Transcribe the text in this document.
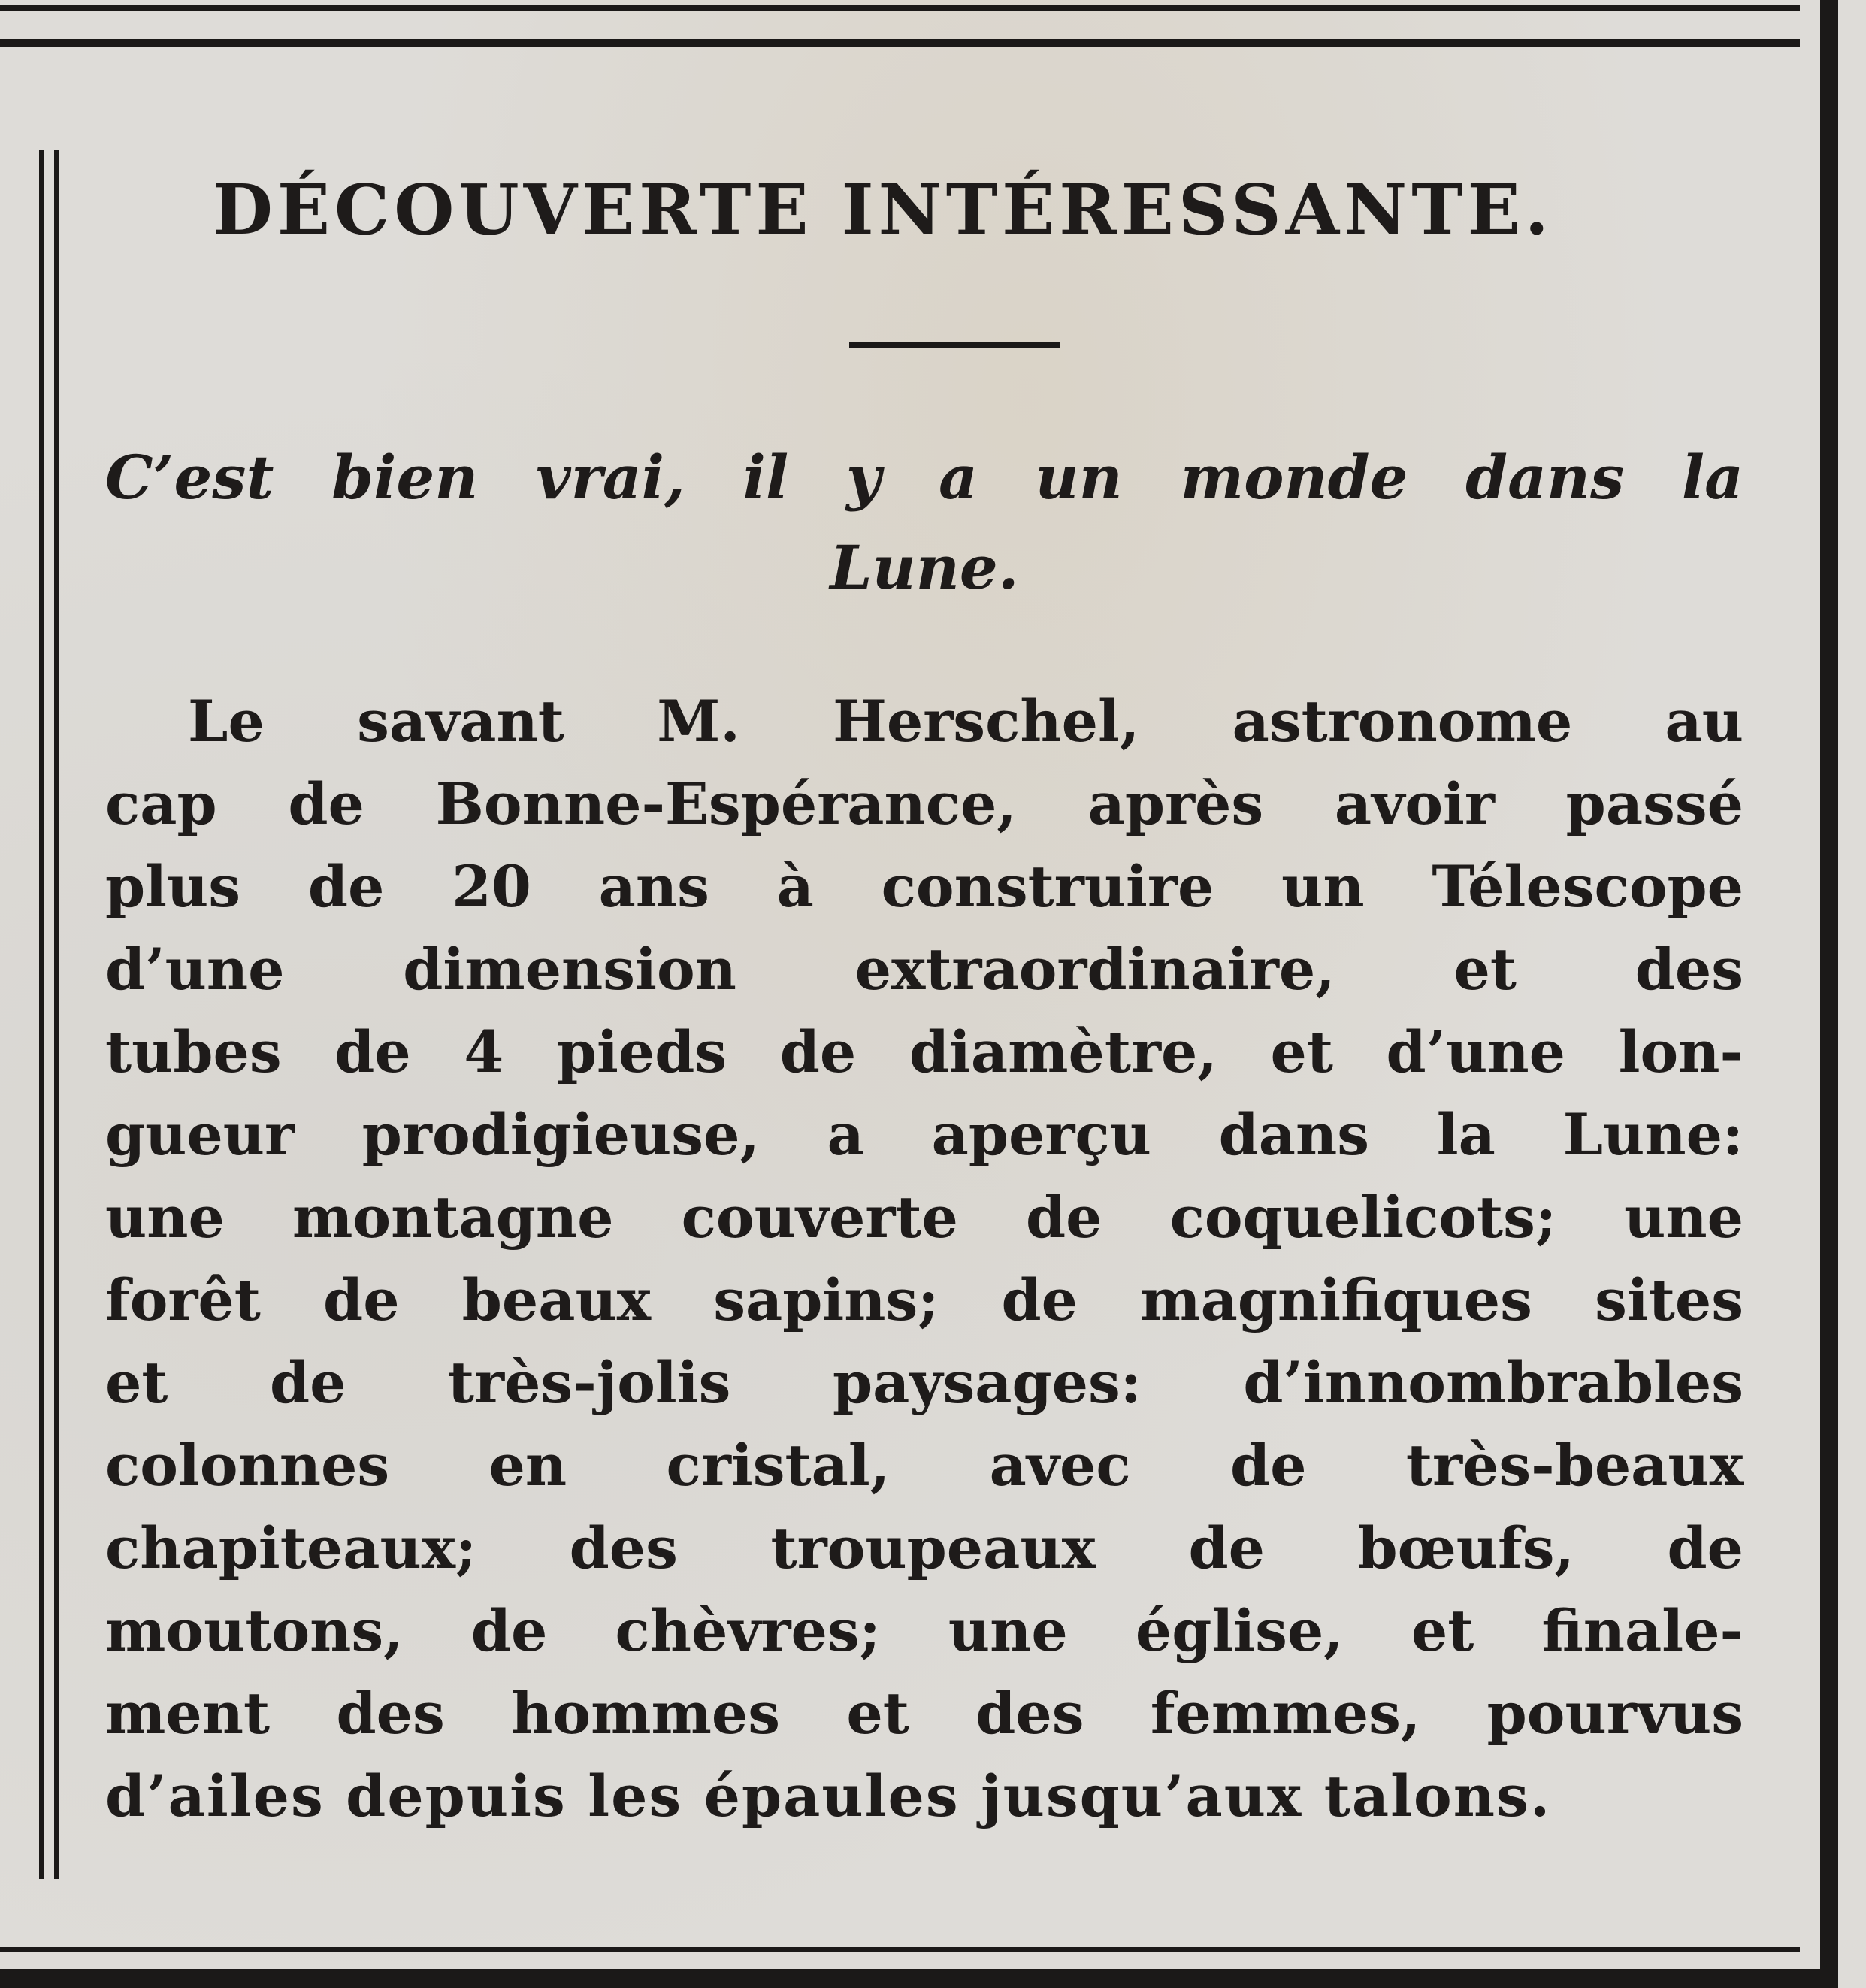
DÉCOUVERTE INTÉRESSANTE.
C’est bien vrai, il y a un monde dans la
Lune.
Le savant M. Herschel, astronome au
cap de Bonne-Espérance, après avoir passé
plus de 20 ans à construire un Télescope
d’une dimension extraordinaire, et des
tubes de 4 pieds de diamètre, et d’une lon-
gueur prodigieuse, a aperçu dans la Lune:
une montagne couverte de coquelicots; une
forêt de beaux sapins; de magnifiques sites
et de très-jolis paysages: d’innombrables
colonnes en cristal, avec de très-beaux
chapiteaux; des troupeaux de bœufs, de
moutons, de chèvres; une église, et finale-
ment des hommes et des femmes, pourvus
d’ailes depuis les épaules jusqu’aux talons.
